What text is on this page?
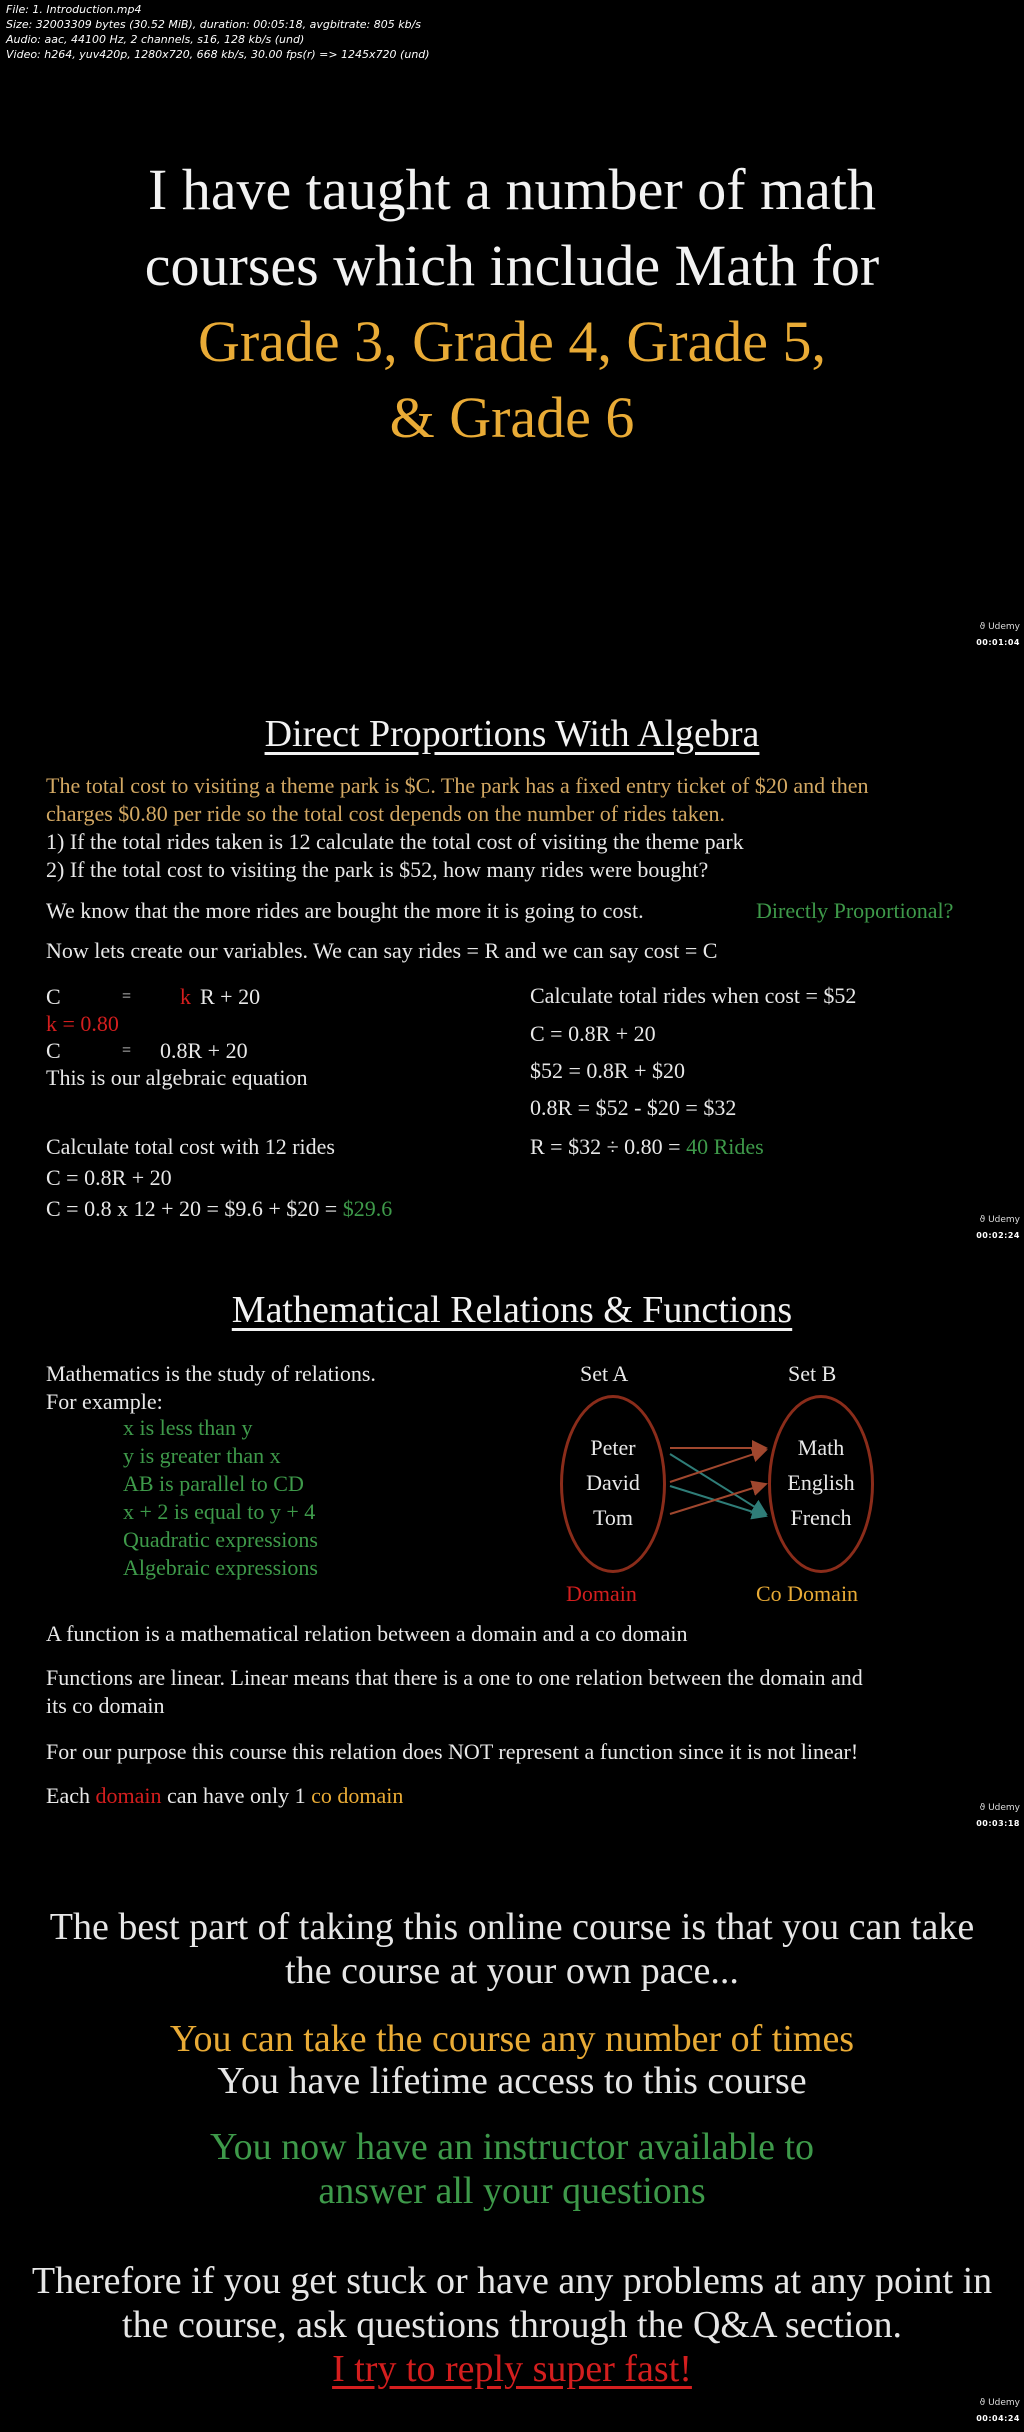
File: 1. Introduction.mp4
Size: 32003309 bytes (30.52 MiB), duration: 00:05:18, avgbitrate: 805 kb/s
Audio: aac, 44100 Hz, 2 channels, s16, 128 kb/s (und)
Video: h264, yuv420p, 1280x720, 668 kb/s, 30.00 fps(r) => 1245x720 (und)
I have taught a number of math
courses which include Math for
Grade 3, Grade 4, Grade 5,
& Grade 6
ϑ Udemy
00:01:04
Direct Proportions With Algebra
The total cost to visiting a theme park is $C. The park has a fixed entry ticket of $20 and then
charges $0.80 per ride so the total cost depends on the number of rides taken.
1) If the total rides taken is 12 calculate the total cost of visiting the theme park
2) If the total cost to visiting the park is $52, how many rides were bought?
We know that the more rides are bought the more it is going to cost.	Directly Proportional?
Now lets create our variables. We can say rides = R and we can say cost = C
C	= k R + 20
k = 0.80
C	= 0.8R + 20
This is our algebraic equation
Calculate total cost with 12 rides
C = 0.8R + 20
C = 0.8 x 12 + 20 = $9.6 + $20 = $29.6
Calculate total rides when cost = $52
C = 0.8R + 20
$52 = 0.8R + $20
0.8R = $52 - $20 = $32
R = $32 ÷ 0.80 = 40 Rides
ϑ Udemy
00:02:24
Mathematical Relations & Functions
Mathematics is the study of relations.
For example:
x is less than y
y is greater than x
AB is parallel to CD
x + 2 is equal to y + 4
Quadratic expressions
Algebraic expressions
Set A	Set B
Peter
David
Tom
Math
English
French
Domain	Co Domain
A function is a mathematical relation between a domain and a co domain
Functions are linear. Linear means that there is a one to one relation between the domain and
its co domain
For our purpose this course this relation does NOT represent a function since it is not linear!
Each domain can have only 1 co domain	ϑ Udemy
00:03:18
The best part of taking this online course is that you can take
the course at your own pace...
You can take the course any number of times
You have lifetime access to this course
You now have an instructor available to
answer all your questions
Therefore if you get stuck or have any problems at any point in
the course, ask questions through the Q&A section.
I try to reply super fast!
ϑ Udemy
00:04:24
